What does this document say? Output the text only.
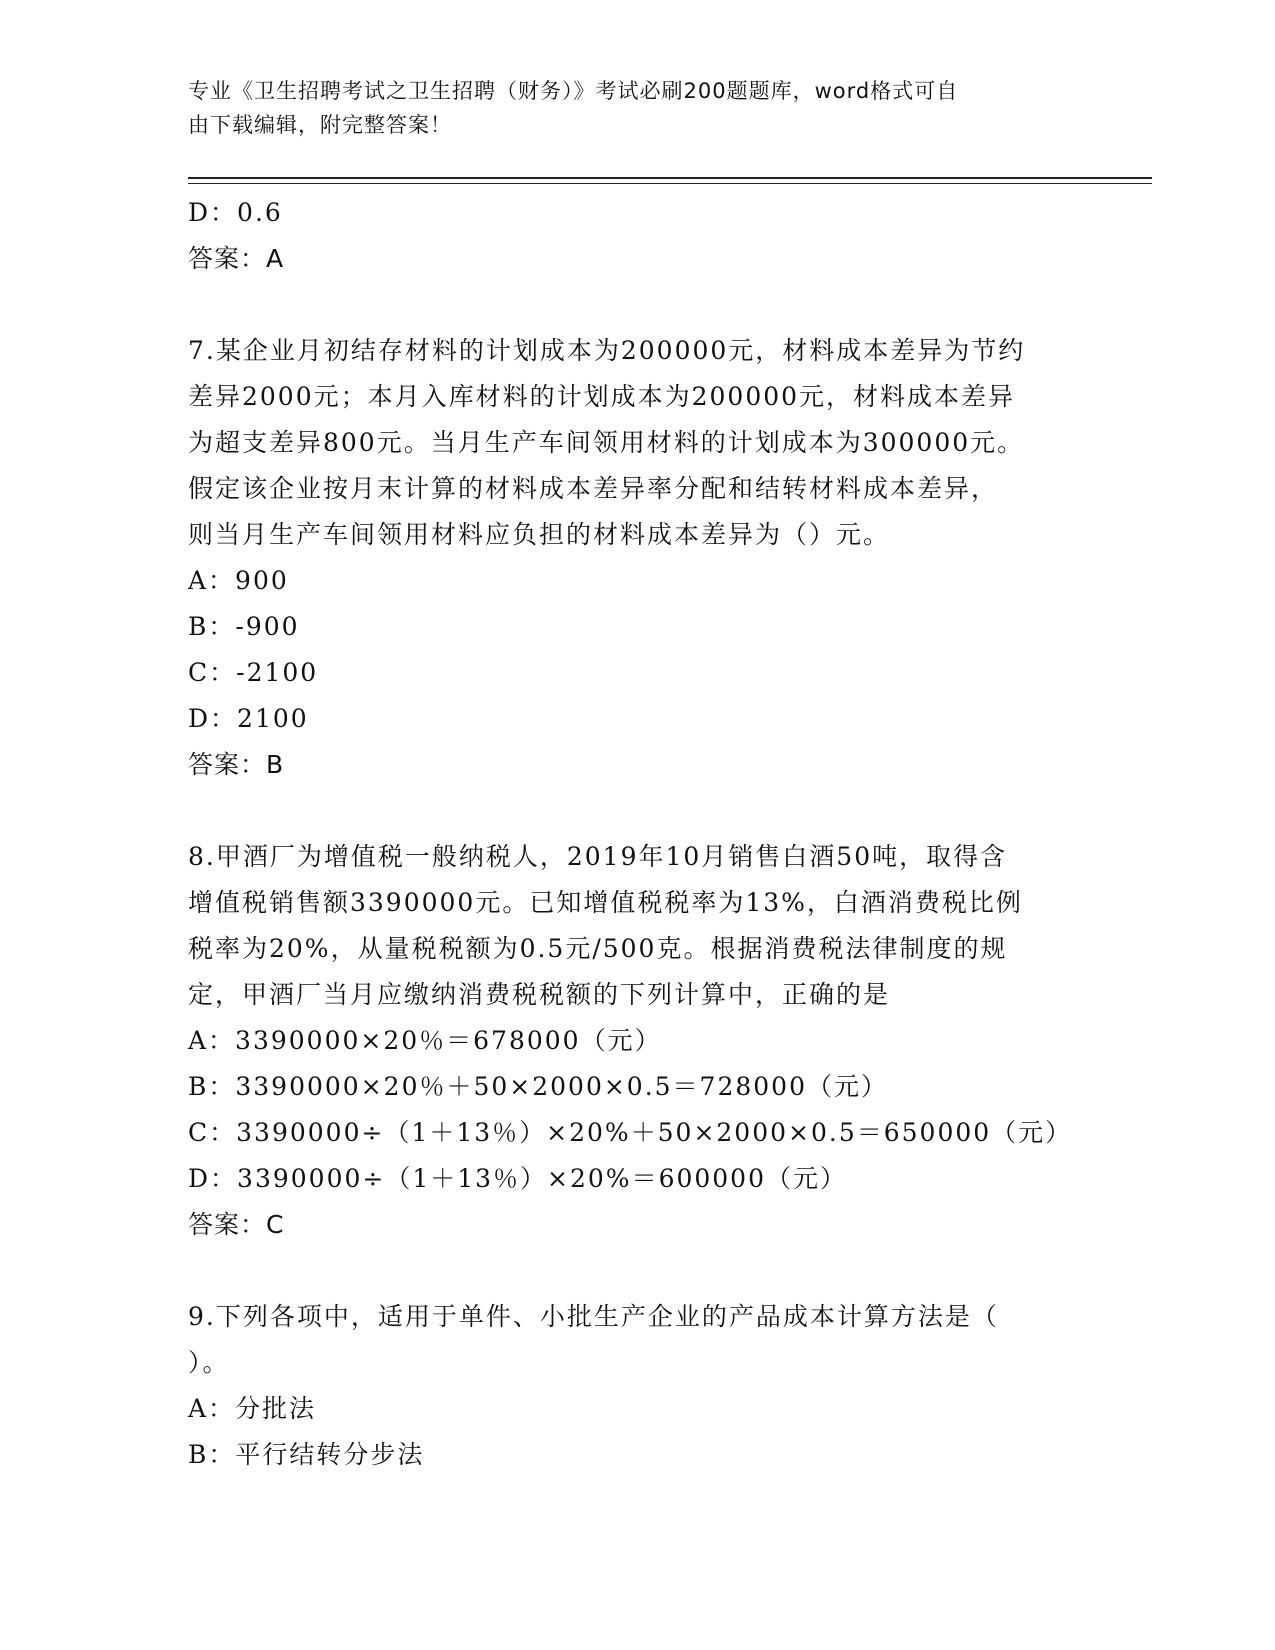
专业《卫生招聘考试之卫生招聘（财务）》考试必刷200题题库，word格式可自
由下载编辑，附完整答案！

D：0.6

答案：A

7.某企业月初结存材料的计划成本为200000元，材料成本差异为节约

差异2000元；本月入库材料的计划成本为200000元，材料成本差异

为超支差异800元。当月生产车间领用材料的计划成本为300000元。

假定该企业按月末计算的材料成本差异率分配和结转材料成本差异，

则当月生产车间领用材料应负担的材料成本差异为（）元。

A：900

B：-900

C：-2100

D：2100

答案：B

8.甲酒厂为增值税一般纳税人，2019年10月销售白酒50吨，取得含

增值税销售额3390000元。已知增值税税率为13%，白酒消费税比例

税率为20%，从量税税额为0.5元/500克。根据消费税法律制度的规

定，甲酒厂当月应缴纳消费税税额的下列计算中，正确的是

A：3390000×20％＝678000（元）

B：3390000×20％＋50×2000×0.5＝728000（元）

C：3390000÷（1＋13％）×20%＋50×2000×0.5＝650000（元）

D：3390000÷（1＋13％）×20%＝600000（元）

答案：C

9.下列各项中，适用于单件、小批生产企业的产品成本计算方法是（

）。

A：分批法

B：平行结转分步法
